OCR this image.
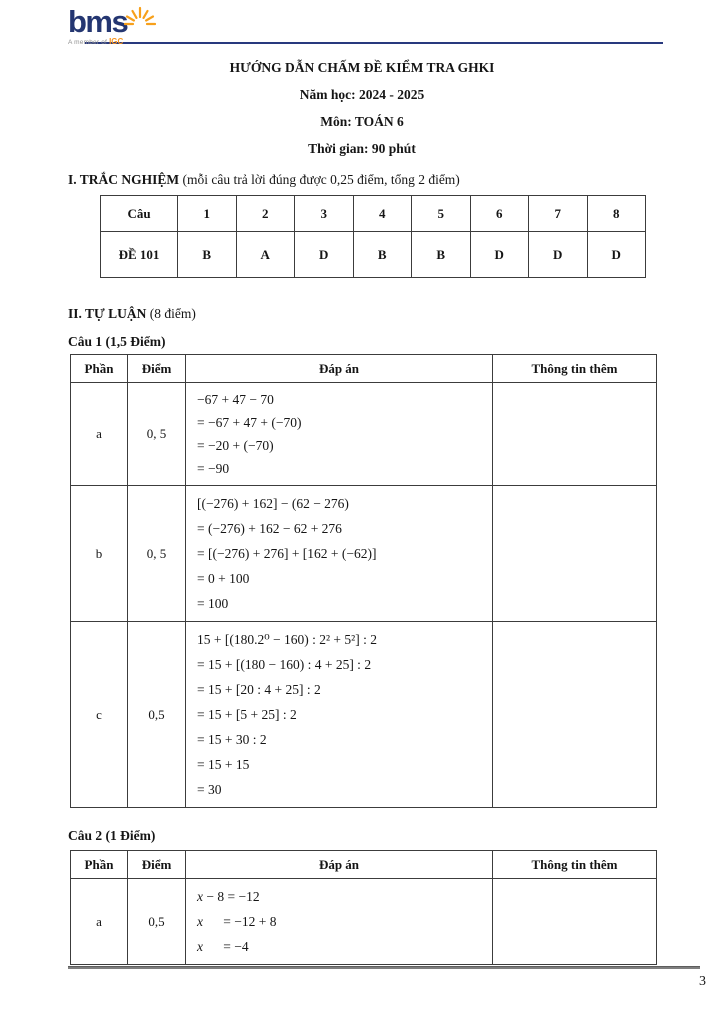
bms
A member of IGC

HƯỚNG DẪN CHẤM ĐỀ KIỂM TRA GHKI

Năm học: 2024 - 2025

Môn: TOÁN 6

Thời gian: 90 phút

I. TRẮC NGHIỆM (mỗi câu trả lời đúng được 0,25 điểm, tổng 2 điểm)
Câu	1	2	3	4	5	6	7	8
ĐỀ 101	B	A	D	B	B	D	D	D
II. TỰ LUẬN (8 điểm)
Câu 1 (1,5 Điểm)
Phần	Điểm	Đáp án	Thông tin thêm
a	0, 5	−67 + 47 − 70
= −67 + 47 + (−70)
= −20 + (−70)
= −90	

b	0, 5	[(−276) + 162] − (62 − 276)
= (−276) + 162 − 62 + 276
= [(−276) + 276] + [162 + (−62)]
= 0 + 100
= 100	

c	0,5	
15 + [(180.2⁰ − 160) : 2² + 5²] : 2
= 15 + [(180 − 160) : 4 + 25] : 2
= 15 + [20 : 4 + 25] : 2
= 15 + [5 + 25] : 2
= 15 + 30 : 2
= 15 + 15
= 30

Câu 2 (1 Điểm)
Phần	Điểm	Đáp án	Thông tin thêm
a	0,5	x − 8 = −12
x      = −12 + 8
x      = −4	

3
